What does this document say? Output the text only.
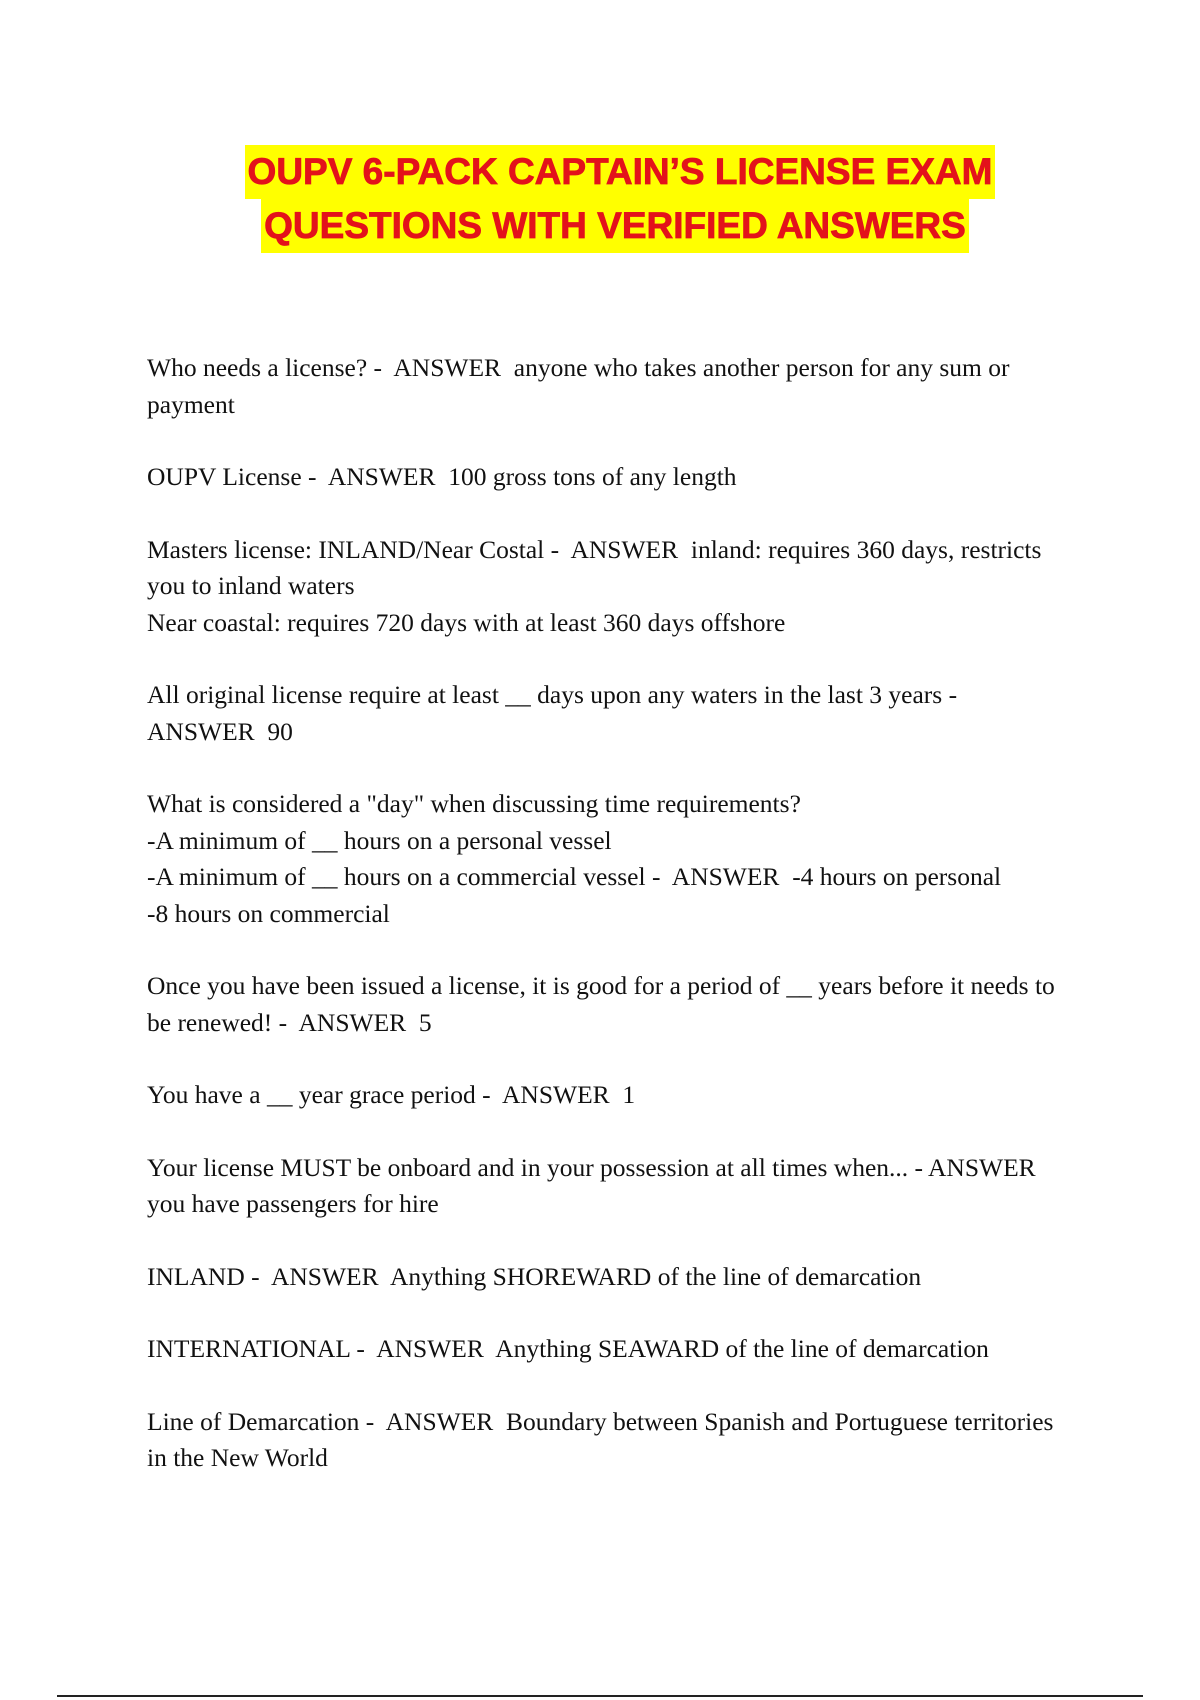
OUPV 6-PACK CAPTAIN’S LICENSE EXAM
QUESTIONS WITH VERIFIED ANSWERS
Who needs a license? -  ANSWER  anyone who takes another person for any sum or payment
OUPV License -  ANSWER  100 gross tons of any length
Masters license: INLAND/Near Costal -  ANSWER  inland: requires 360 days, restricts you to inland waters
Near coastal: requires 720 days with at least 360 days offshore
All original license require at least __ days upon any waters in the last 3 years - ANSWER  90
What is considered a "day" when discussing time requirements?
-A minimum of __ hours on a personal vessel
-A minimum of __ hours on a commercial vessel -  ANSWER  -4 hours on personal
-8 hours on commercial
Once you have been issued a license, it is good for a period of __ years before it needs to be renewed! -  ANSWER  5
You have a __ year grace period -  ANSWER  1
Your license MUST be onboard and in your possession at all times when... - ANSWER  you have passengers for hire
INLAND -  ANSWER  Anything SHOREWARD of the line of demarcation
INTERNATIONAL -  ANSWER  Anything SEAWARD of the line of demarcation
Line of Demarcation -  ANSWER  Boundary between Spanish and Portuguese territories in the New World
